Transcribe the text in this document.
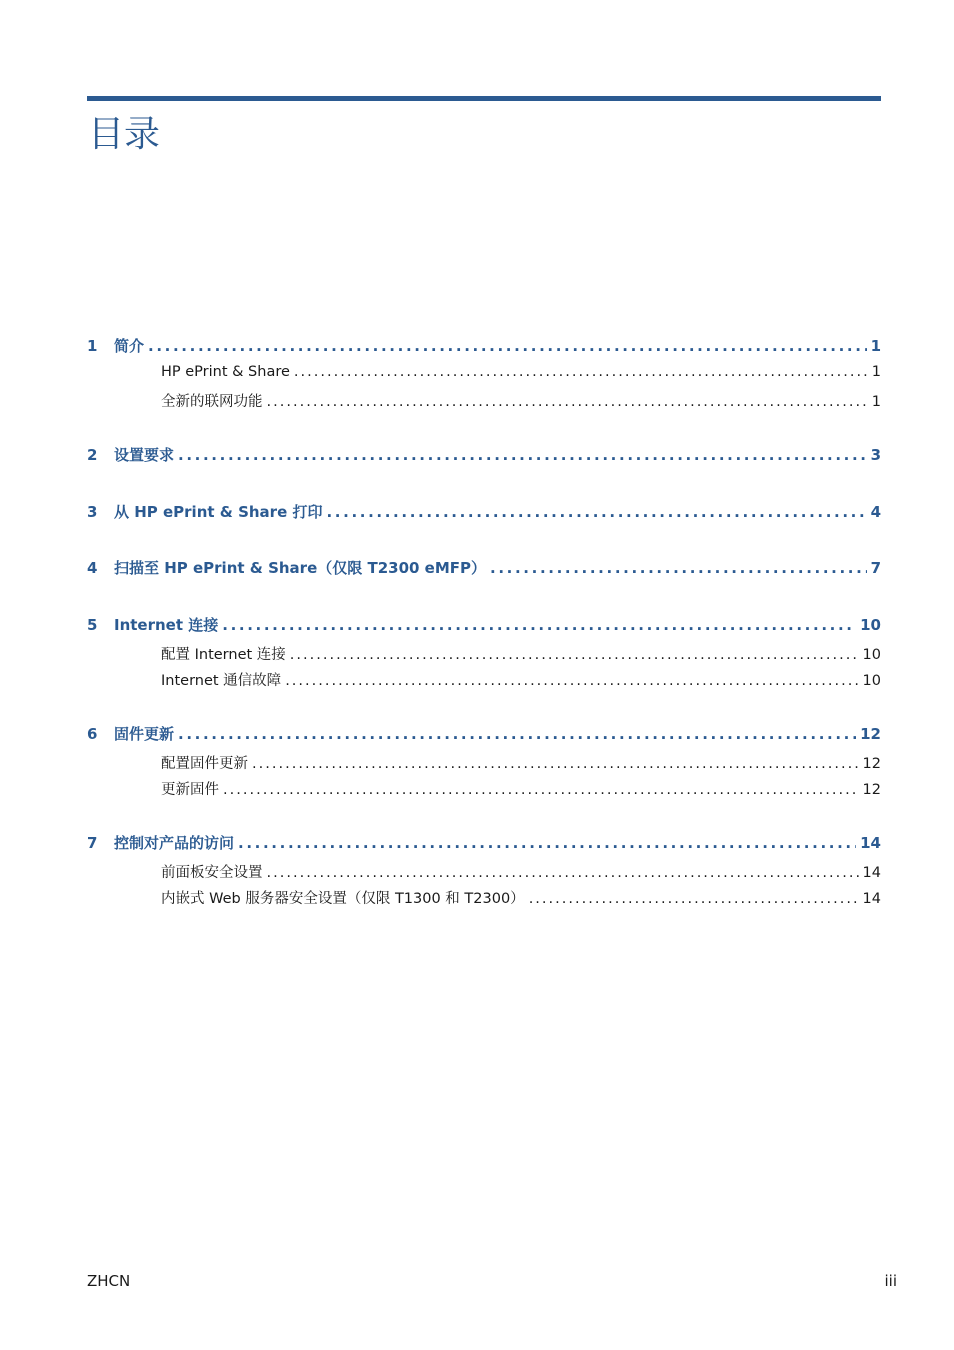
目录
1	简介 . . .	1
HP ePrint & Share . . .	1
全新的联网功能 . . .	1
2	设置要求 . . .	3
3	从 HP ePrint & Share 打印 . . .	4
4	扫描至 HP ePrint & Share（仅限 T2300 eMFP） . . .	7
5	Internet 连接 . . .	10
配置 Internet 连接 . . .	10
Internet 通信故障 . . .	10
6	固件更新 . . .	12
配置固件更新 . . .	12
更新固件 . . .	12
7	控制对产品的访问 . . .	14
前面板安全设置 . . .	14
内嵌式 Web 服务器安全设置（仅限 T1300 和 T2300） . . .	14
ZHCN	iii
